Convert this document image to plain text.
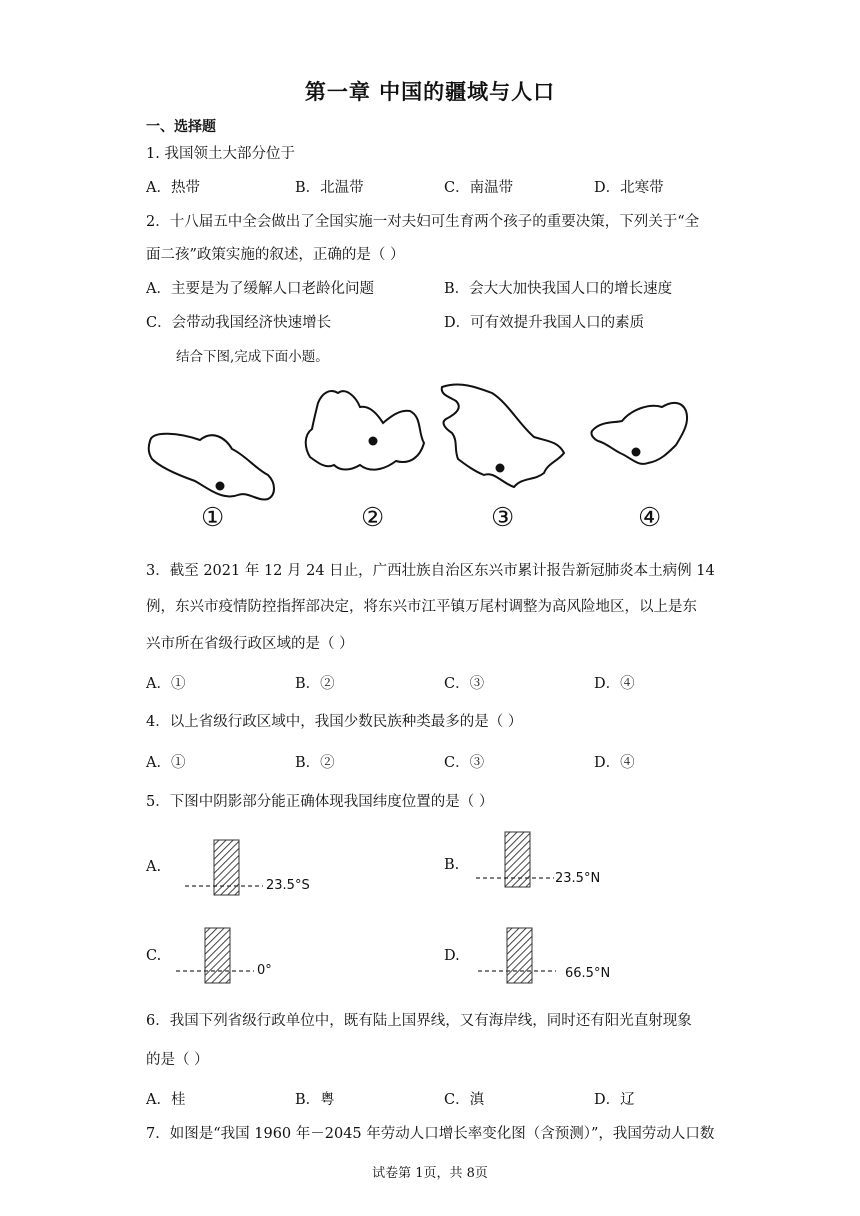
第一章 中国的疆域与人口
一、选择题
1. 我国领土大部分位于
A．热带	B．北温带	C．南温带	D．北寒带
2．十八届五中全会做出了全国实施一对夫妇可生育两个孩子的重要决策，下列关于“全
面二孩”政策实施的叙述，正确的是（ ）
A．主要是为了缓解人口老龄化问题	B．会大大加快我国人口的增长速度
C．会带动我国经济快速增长	D．可有效提升我国人口的素质
结合下图,完成下面小题。
①	②	③	④
3．截至 2021 年 12 月 24 日止，广西壮族自治区东兴市累计报告新冠肺炎本土病例 14
例，东兴市疫情防控指挥部决定，将东兴市江平镇万尾村调整为高风险地区，以上是东
兴市所在省级行政区域的是（ ）
A．①	B．②	C．③	D．④
4．以上省级行政区域中，我国少数民族种类最多的是（ ）
A．①	B．②	C．③	D．④
5．下图中阴影部分能正确体现我国纬度位置的是（ ）
A.
23.5°S
B.
23.5°N
C.
0°
D.
66.5°N
6．我国下列省级行政单位中，既有陆上国界线，又有海岸线，同时还有阳光直射现象
的是（ ）
A．桂	B．粤	C．滇	D．辽
7．如图是“我国 1960 年－2045 年劳动人口增长率变化图（含预测）”，我国劳动人口数
试卷第 1页，共 8页
